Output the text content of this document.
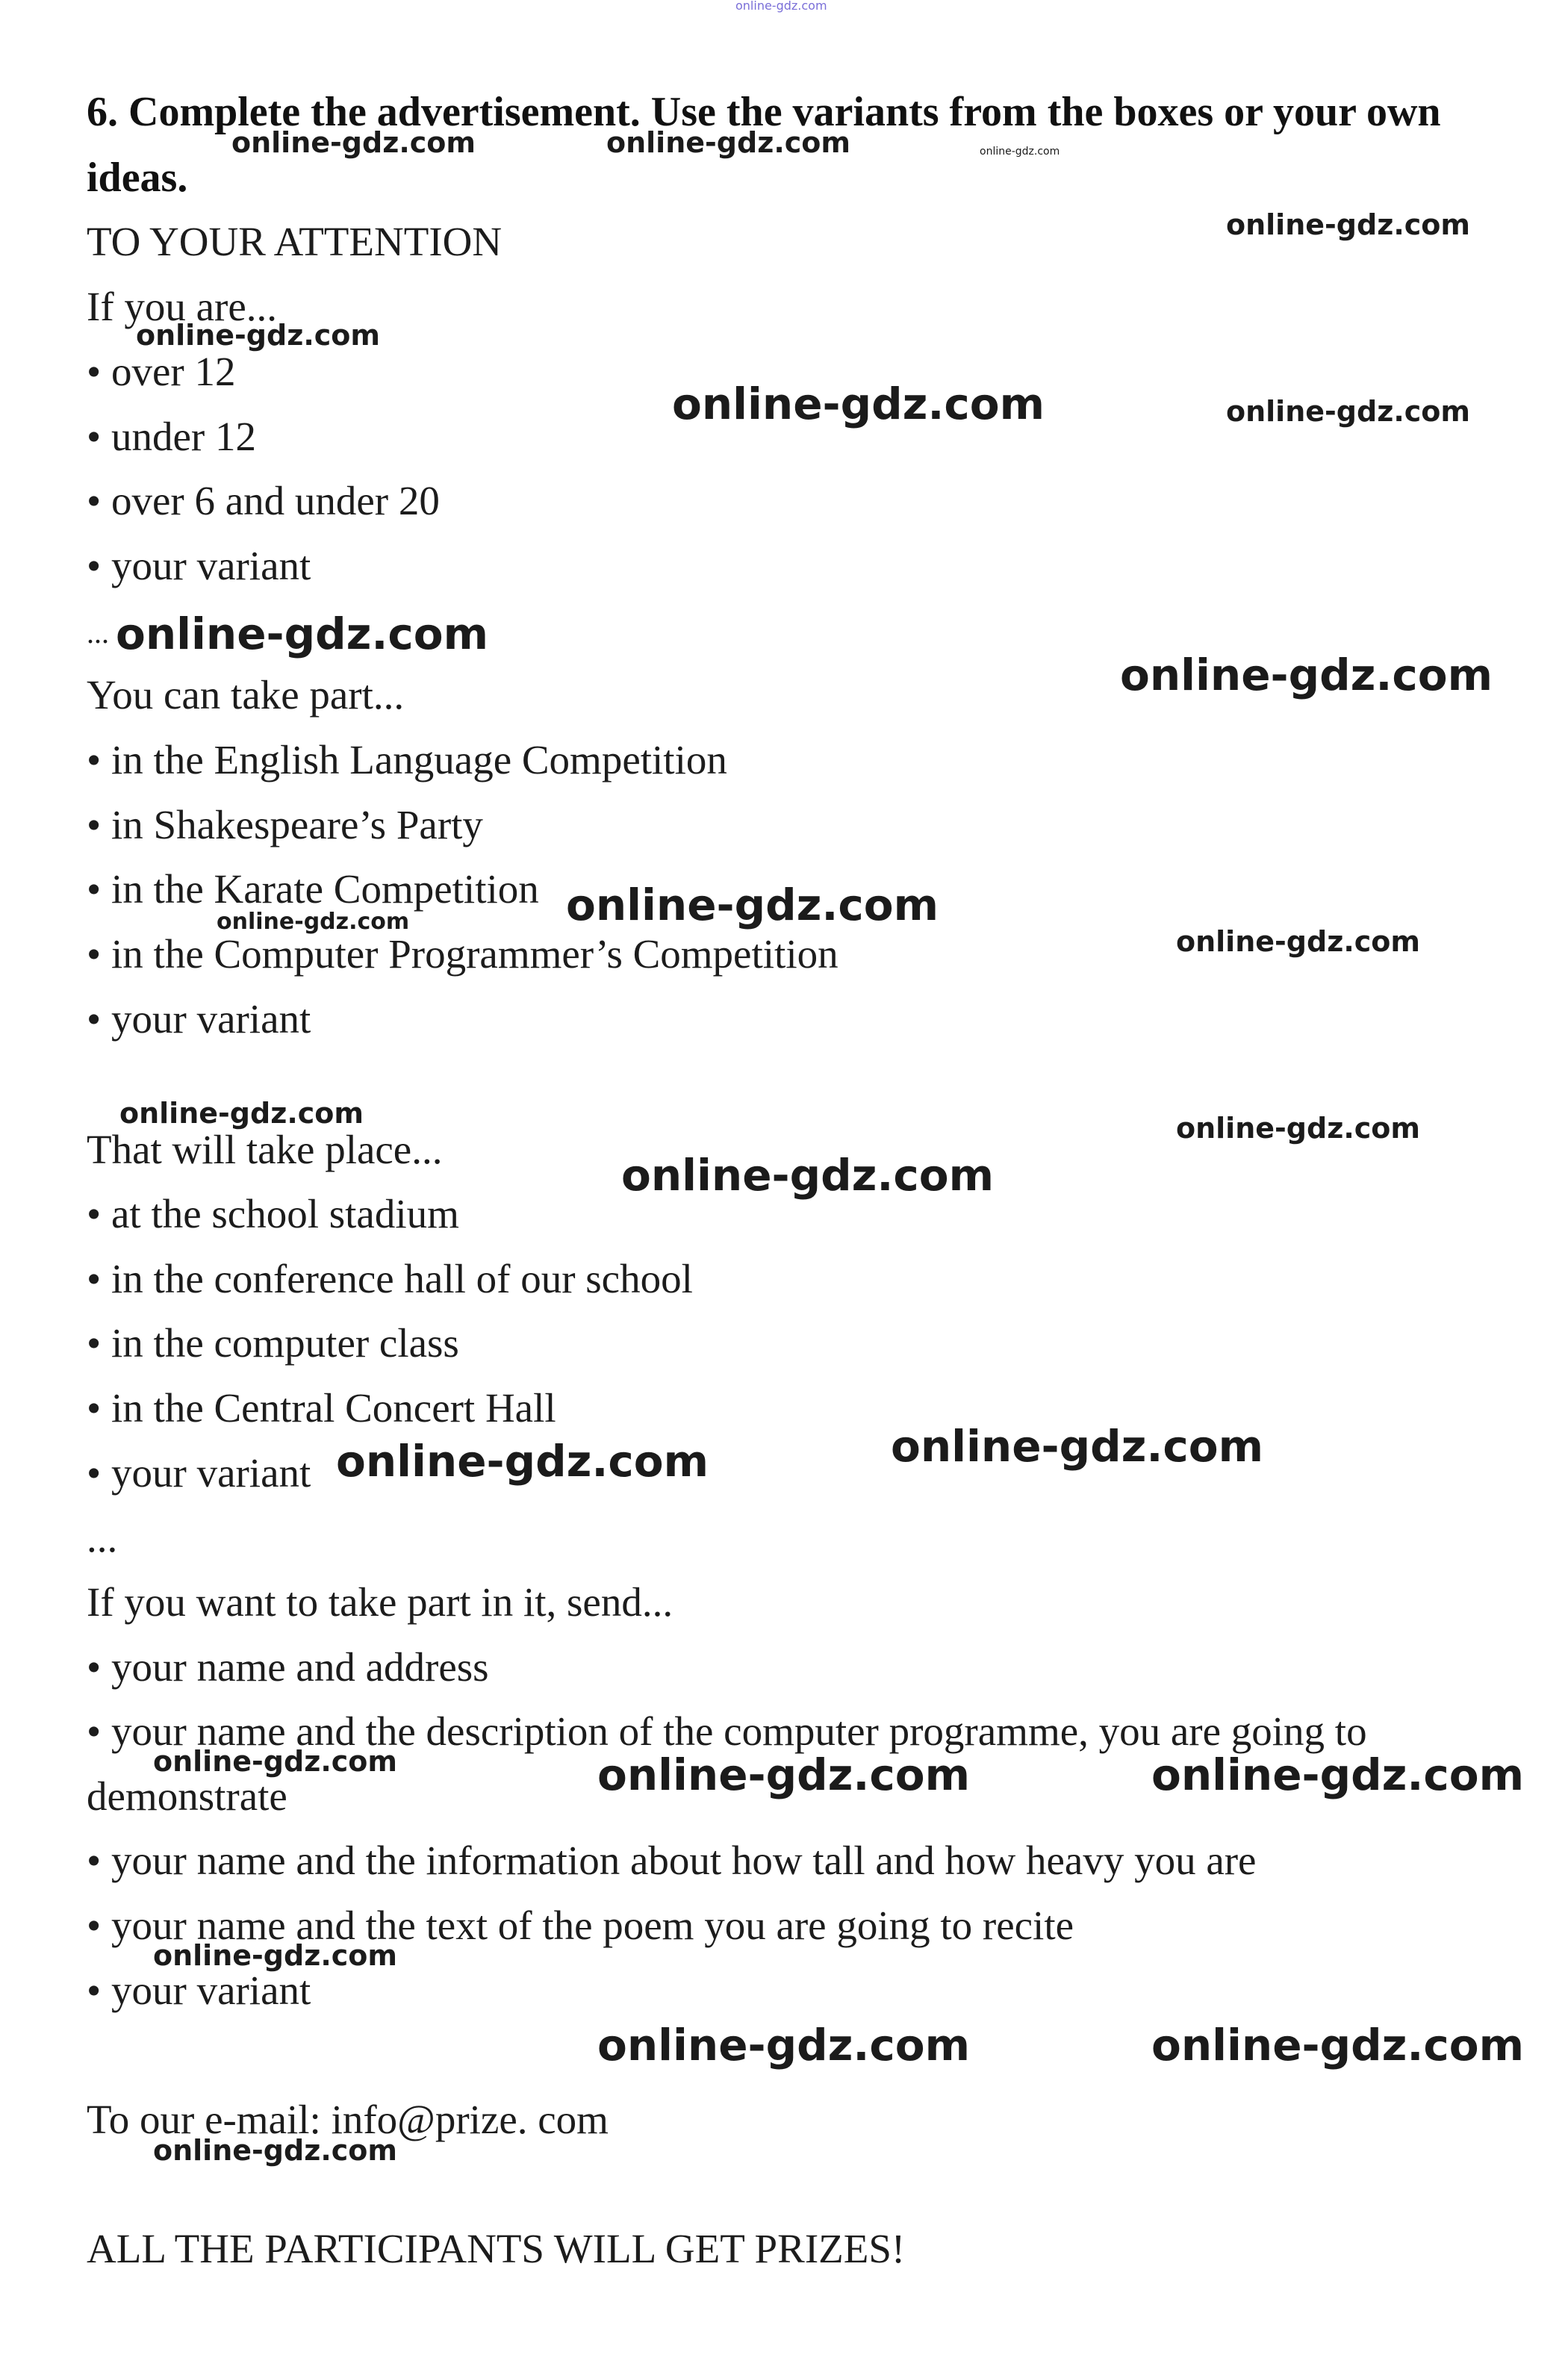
6. Complete the advertisement. Use the variants from the boxes or your own

ideas.

TO YOUR ATTENTION

If you are...

• over 12

• under 12

• over 6 and under 20

• your variant

...

You can take part...

• in the English Language Competition

• in Shakespeare’s Party

• in the Karate Competition

• in the Computer Programmer’s Competition

• your variant

That will take place...

• at the school stadium

• in the conference hall of our school

• in the computer class

• in the Central Concert Hall

• your variant

...

If you want to take part in it, send...

• your name and address

• your name and the description of the computer programme, you are going to

demonstrate

• your name and the information about how tall and how heavy you are

• your name and the text of the poem you are going to recite

• your variant

To our e-mail: info@prize. com

ALL THE PARTICIPANTS WILL GET PRIZES!

online-gdz.com
online-gdz.com	online-gdz.com	online-gdz.com
online-gdz.com
online-gdz.com
online-gdz.com	online-gdz.com
online-gdz.com
online-gdz.com
online-gdz.com
online-gdz.com
online-gdz.com
online-gdz.com	online-gdz.com
online-gdz.com
online-gdz.com
online-gdz.com
online-gdz.com	online-gdz.com	online-gdz.com
online-gdz.com
online-gdz.com	online-gdz.com
online-gdz.com
